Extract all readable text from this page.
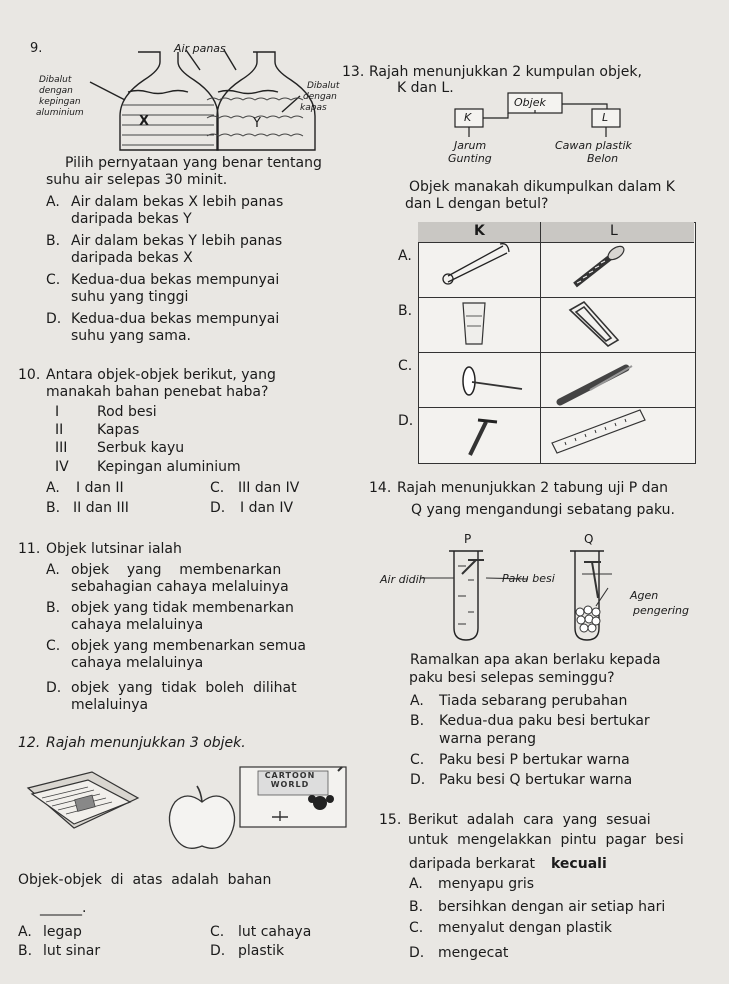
9.	Air panas
Dibalut
dengan
kepingan
aluminium
Dibalut
dengan
kapas
X	Y
Pilih pernyataan yang benar tentang
suhu air selepas 30 minit.
A. Air dalam bekas X lebih panas
daripada bekas Y
B. Air dalam bekas Y lebih panas
daripada bekas X
C. Kedua-dua bekas mempunyai
suhu yang tinggi
D. Kedua-dua bekas mempunyai
suhu yang sama.
10. Antara objek-objek berikut, yang
manakah bahan penebat haba?
I	Rod besi
II Kapas
III Serbuk kayu
IV Kepingan aluminium
A. I dan II	C. III dan IV
B. II dan III	D. I dan IV
11. Objek lutsinar ialah
A. objek    yang    membenarkan
sebahagian cahaya melaluinya
B. objek yang tidak membenarkan
cahaya melaluinya
C. objek yang membenarkan semua
cahaya melaluinya
D. objek  yang  tidak  boleh  dilihat
melaluinya
12. Rajah menunjukkan 3 objek.
CARTOON WORLD
Objek-objek  di  atas  adalah  bahan
______.
A. legap	C. lut cahaya
B. lut sinar	D. plastik
13. Rajah menunjukkan 2 kumpulan objek,
K dan L.
Objek
K	L
Jarum
Gunting
Cawan plastik
Belon
Objek manakah dikumpulkan dalam K
dan L dengan betul?
K	L
A.
B.
C.
D.
14. Rajah menunjukkan 2 tabung uji P dan
Q yang mengandungi sebatang paku.
P	Q
Air didih	Paku besi
Agen
pengering
Ramalkan apa akan berlaku kepada
paku besi selepas seminggu?
A. Tiada sebarang perubahan
B. Kedua-dua paku besi bertukar
warna perang
C. Paku besi P bertukar warna
D. Paku besi Q bertukar warna
15. Berikut  adalah  cara  yang  sesuai
untuk  mengelakkan  pintu  pagar  besi
daripada berkarat kecuali
A. menyapu gris
B. bersihkan dengan air setiap hari
C. menyalut dengan plastik
D. mengecat
